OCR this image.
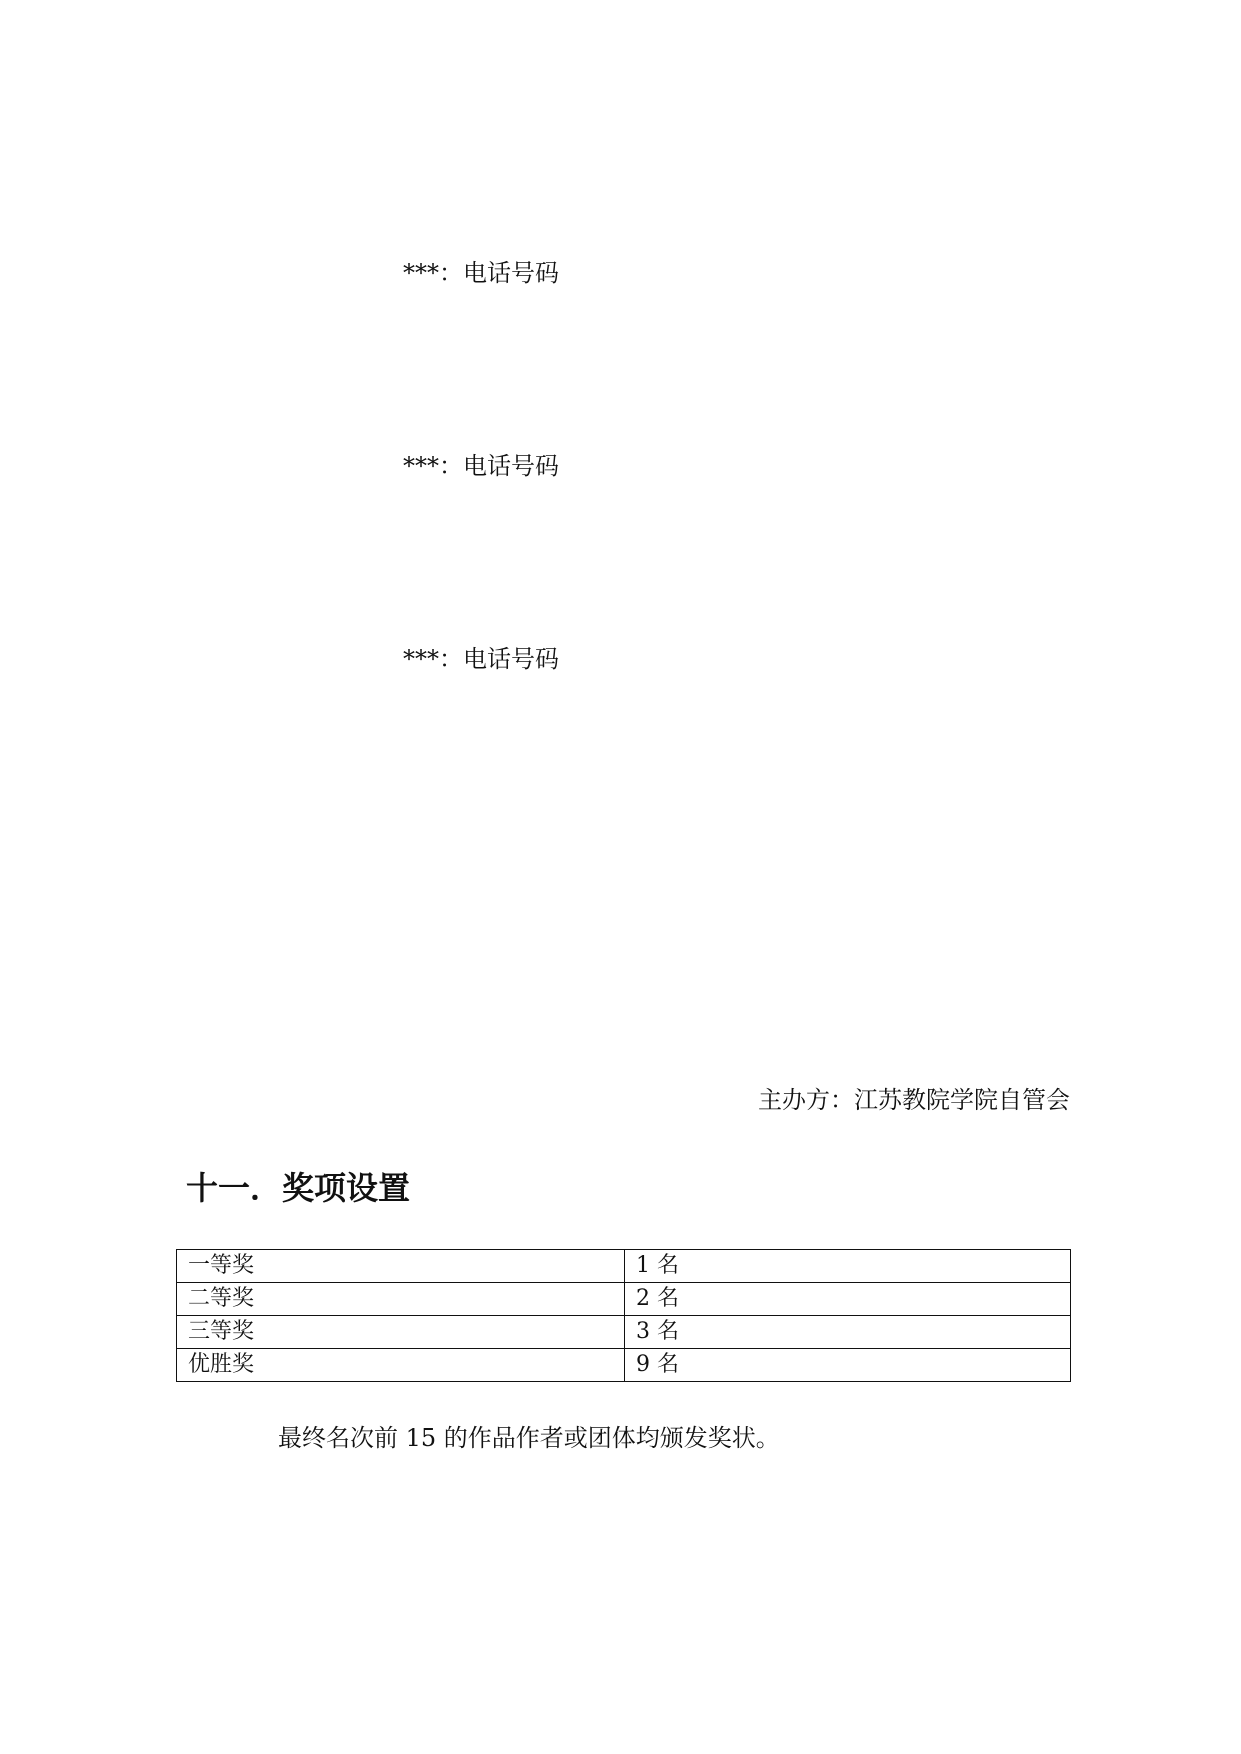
***：电话号码
***：电话号码
***：电话号码
主办方：江苏教院学院自管会
十一．奖项设置
一等奖	1 名
二等奖	2 名
三等奖	3 名
优胜奖	9 名
最终名次前 15 的作品作者或团体均颁发奖状。
